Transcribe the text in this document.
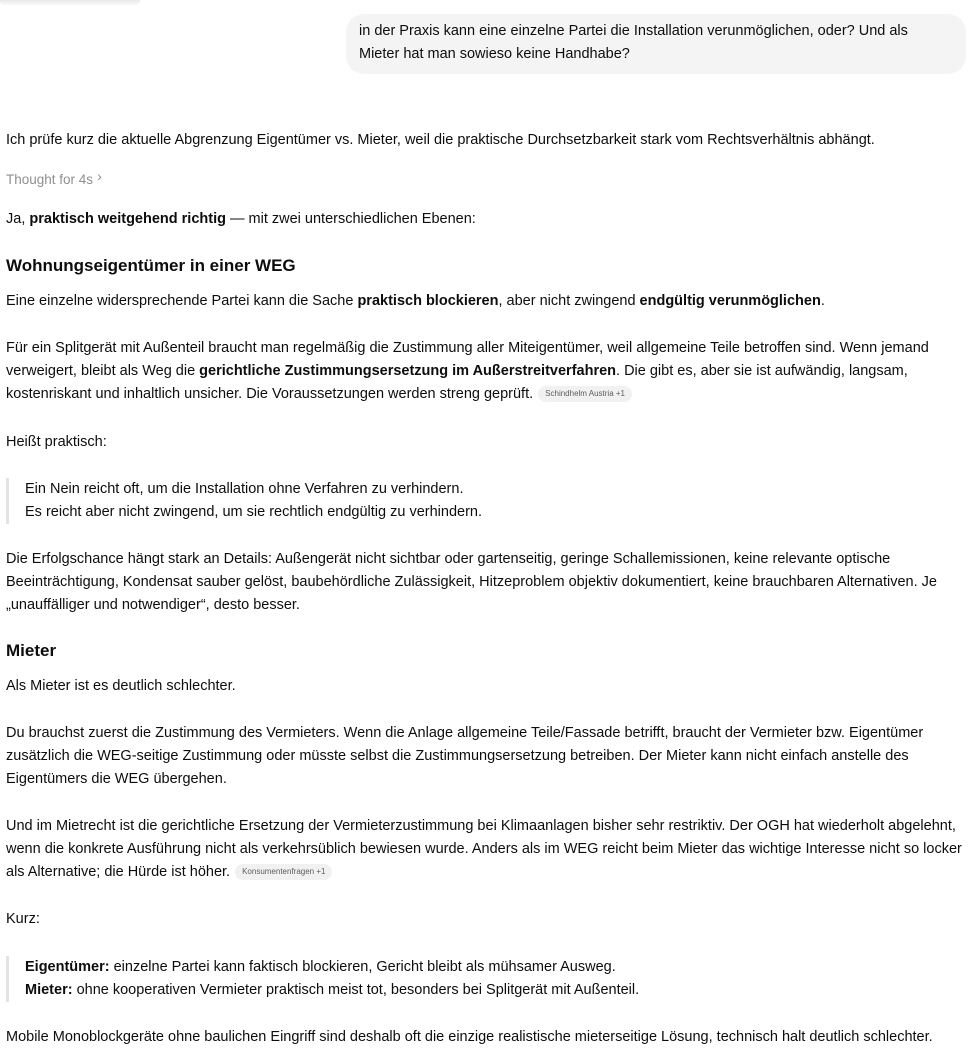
in der Praxis kann eine einzelne Partei die Installation verunmöglichen, oder? Und als Mieter hat man sowieso keine Handhabe?

Ich prüfe kurz die aktuelle Abgrenzung Eigentümer vs. Mieter, weil die praktische Durchsetzbarkeit stark vom Rechtsverhältnis abhängt.

Thought for 4s ›

Ja, praktisch weitgehend richtig — mit zwei unterschiedlichen Ebenen:

Wohnungseigentümer in einer WEG

Eine einzelne widersprechende Partei kann die Sache praktisch blockieren, aber nicht zwingend endgültig verunmöglichen.

Für ein Splitgerät mit Außenteil braucht man regelmäßig die Zustimmung aller Miteigentümer, weil allgemeine Teile betroffen sind. Wenn jemand verweigert, bleibt als Weg die gerichtliche Zustimmungsersetzung im Außerstreitverfahren. Die gibt es, aber sie ist aufwändig, langsam, kostenriskant und inhaltlich unsicher. Die Voraussetzungen werden streng geprüft. Schindhelm Austria +1

Heißt praktisch:

Ein Nein reicht oft, um die Installation ohne Verfahren zu verhindern.
Es reicht aber nicht zwingend, um sie rechtlich endgültig zu verhindern.

Die Erfolgschance hängt stark an Details: Außengerät nicht sichtbar oder gartenseitig, geringe Schallemissionen, keine relevante optische Beeinträchtigung, Kondensat sauber gelöst, baubehördliche Zulässigkeit, Hitzeproblem objektiv dokumentiert, keine brauchbaren Alternativen. Je „unauffälliger und notwendiger“, desto besser.

Mieter

Als Mieter ist es deutlich schlechter.

Du brauchst zuerst die Zustimmung des Vermieters. Wenn die Anlage allgemeine Teile/Fassade betrifft, braucht der Vermieter bzw. Eigentümer zusätzlich die WEG-seitige Zustimmung oder müsste selbst die Zustimmungsersetzung betreiben. Der Mieter kann nicht einfach anstelle des Eigentümers die WEG übergehen.

Und im Mietrecht ist die gerichtliche Ersetzung der Vermieterzustimmung bei Klimaanlagen bisher sehr restriktiv. Der OGH hat wiederholt abgelehnt, wenn die konkrete Ausführung nicht als verkehrsüblich bewiesen wurde. Anders als im WEG reicht beim Mieter das wichtige Interesse nicht so locker als Alternative; die Hürde ist höher. Konsumentenfragen +1

Kurz:

Eigentümer: einzelne Partei kann faktisch blockieren, Gericht bleibt als mühsamer Ausweg.
Mieter: ohne kooperativen Vermieter praktisch meist tot, besonders bei Splitgerät mit Außenteil.

Mobile Monoblockgeräte ohne baulichen Eingriff sind deshalb oft die einzige realistische mieterseitige Lösung, technisch halt deutlich schlechter.
